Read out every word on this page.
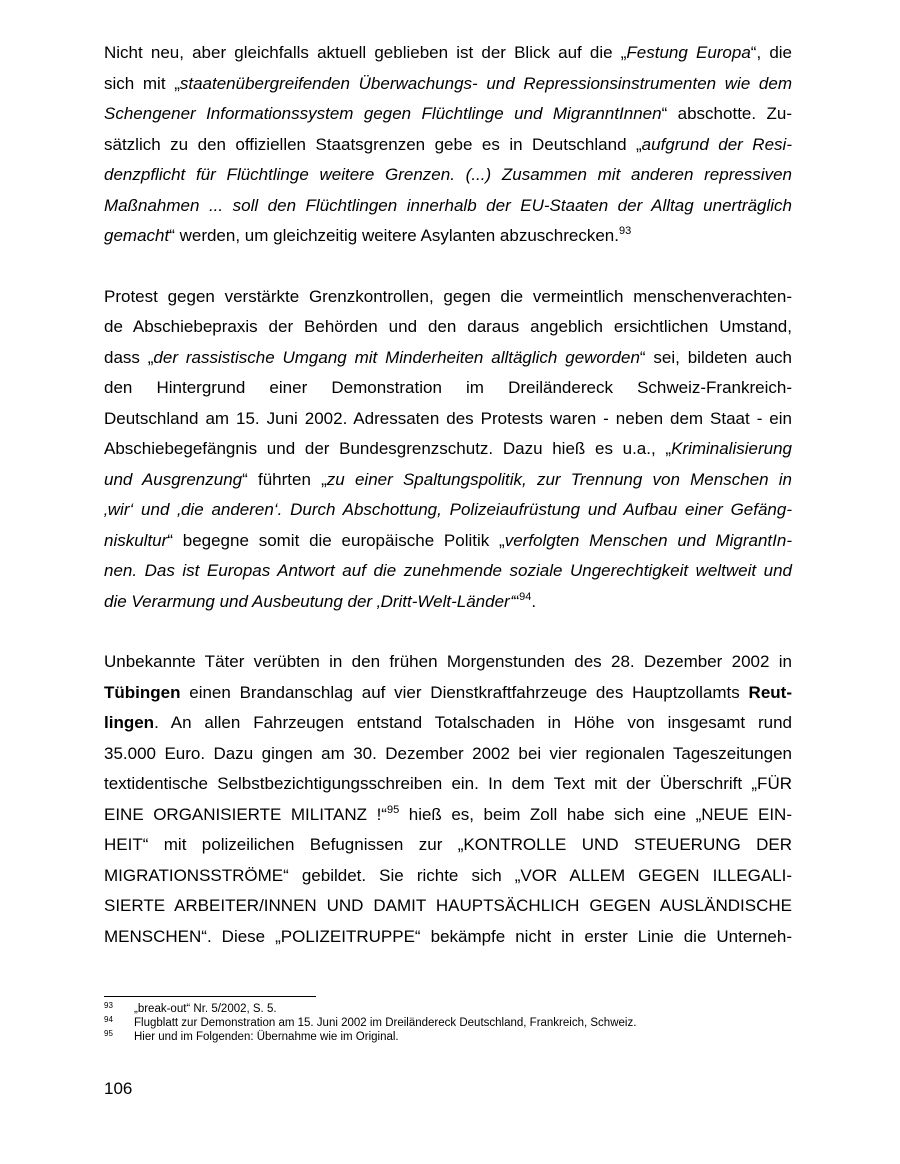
Nicht neu, aber gleichfalls aktuell geblieben ist der Blick auf die „Festung Europa“, die
sich mit „staatenübergreifenden Überwachungs- und Repressionsinstrumenten wie dem
Schengener Informationssystem gegen Flüchtlinge und MigranntInnen“ abschotte. Zu-
sätzlich zu den offiziellen Staatsgrenzen gebe es in Deutschland „aufgrund der Resi-
denzpflicht für Flüchtlinge weitere Grenzen. (...) Zusammen mit anderen repressiven
Maßnahmen ... soll den Flüchtlingen innerhalb der EU-Staaten der Alltag unerträglich
gemacht“ werden, um gleichzeitig weitere Asylanten abzuschrecken.$^{93}$
Protest gegen verstärkte Grenzkontrollen, gegen die vermeintlich menschenverachten-
de Abschiebepraxis der Behörden und den daraus angeblich ersichtlichen Umstand,
dass „der rassistische Umgang mit Minderheiten alltäglich geworden“ sei, bildeten auch
den Hintergrund einer Demonstration im Dreiländereck Schweiz-Frankreich-
Deutschland am 15. Juni 2002. Adressaten des Protests waren - neben dem Staat - ein
Abschiebegefängnis und der Bundesgrenzschutz. Dazu hieß es u.a., „Kriminalisierung
und Ausgrenzung“ führten „zu einer Spaltungspolitik, zur Trennung von Menschen in
‚wir‘ und ‚die anderen‘. Durch Abschottung, Polizeiaufrüstung und Aufbau einer Gefäng-
niskultur“ begegne somit die europäische Politik „verfolgten Menschen und MigrantIn-
nen. Das ist Europas Antwort auf die zunehmende soziale Ungerechtigkeit weltweit und
die Verarmung und Ausbeutung der ‚Dritt-Welt-Länder‘“$^{94}$.
Unbekannte Täter verübten in den frühen Morgenstunden des 28. Dezember 2002 in
Tübingen einen Brandanschlag auf vier Dienstkraftfahrzeuge des Hauptzollamts Reut-
lingen. An allen Fahrzeugen entstand Totalschaden in Höhe von insgesamt rund
35.000 Euro. Dazu gingen am 30. Dezember 2002 bei vier regionalen Tageszeitungen
textidentische Selbstbezichtigungsschreiben ein. In dem Text mit der Überschrift „FÜR
EINE ORGANISIERTE MILITANZ !“$^{95}$ hieß es, beim Zoll habe sich eine „NEUE EIN-
HEIT“ mit polizeilichen Befugnissen zur „KONTROLLE UND STEUERUNG DER
MIGRATIONSSTRÖME“ gebildet. Sie richte sich „VOR ALLEM GEGEN ILLEGALI-
SIERTE ARBEITER/INNEN UND DAMIT HAUPTSÄCHLICH GEGEN AUSLÄNDISCHE
MENSCHEN“. Diese „POLIZEITRUPPE“ bekämpfe nicht in erster Linie die Unterneh-
93 „break-out“ Nr. 5/2002, S. 5.
94 Flugblatt zur Demonstration am 15. Juni 2002 im Dreiländereck Deutschland, Frankreich, Schweiz.
95 Hier und im Folgenden: Übernahme wie im Original.
106
